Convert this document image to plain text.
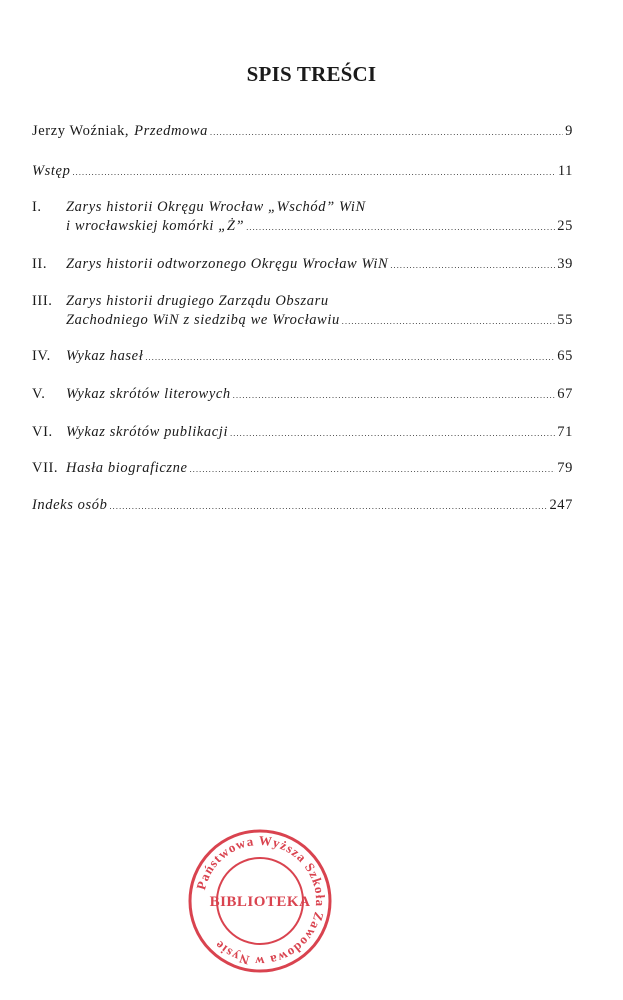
SPIS TREŚCI
Jerzy Woźniak, Przedmowa . . .	9
Wstęp . . .	11
I.	Zarys historii Okręgu Wrocław „Wschód” WiN
i wrocławskiej komórki „Ż” . . .	25
II.	Zarys historii odtworzonego Okręgu Wrocław WiN . . .	39
III. Zarys historii drugiego Zarządu Obszaru
Zachodniego WiN z siedzibą we Wrocławiu . . .	55
IV.	Wykaz haseł . . .	65
V.	Wykaz skrótów literowych . . .	67
VI. Wykaz skrótów publikacji . . .	71
VII. Hasła biograficzne . . .	79
Indeks osób . . .	247
Państwowa Wyższa Szkoła Zawodowa w Nysie
BIBLIOTEKA
